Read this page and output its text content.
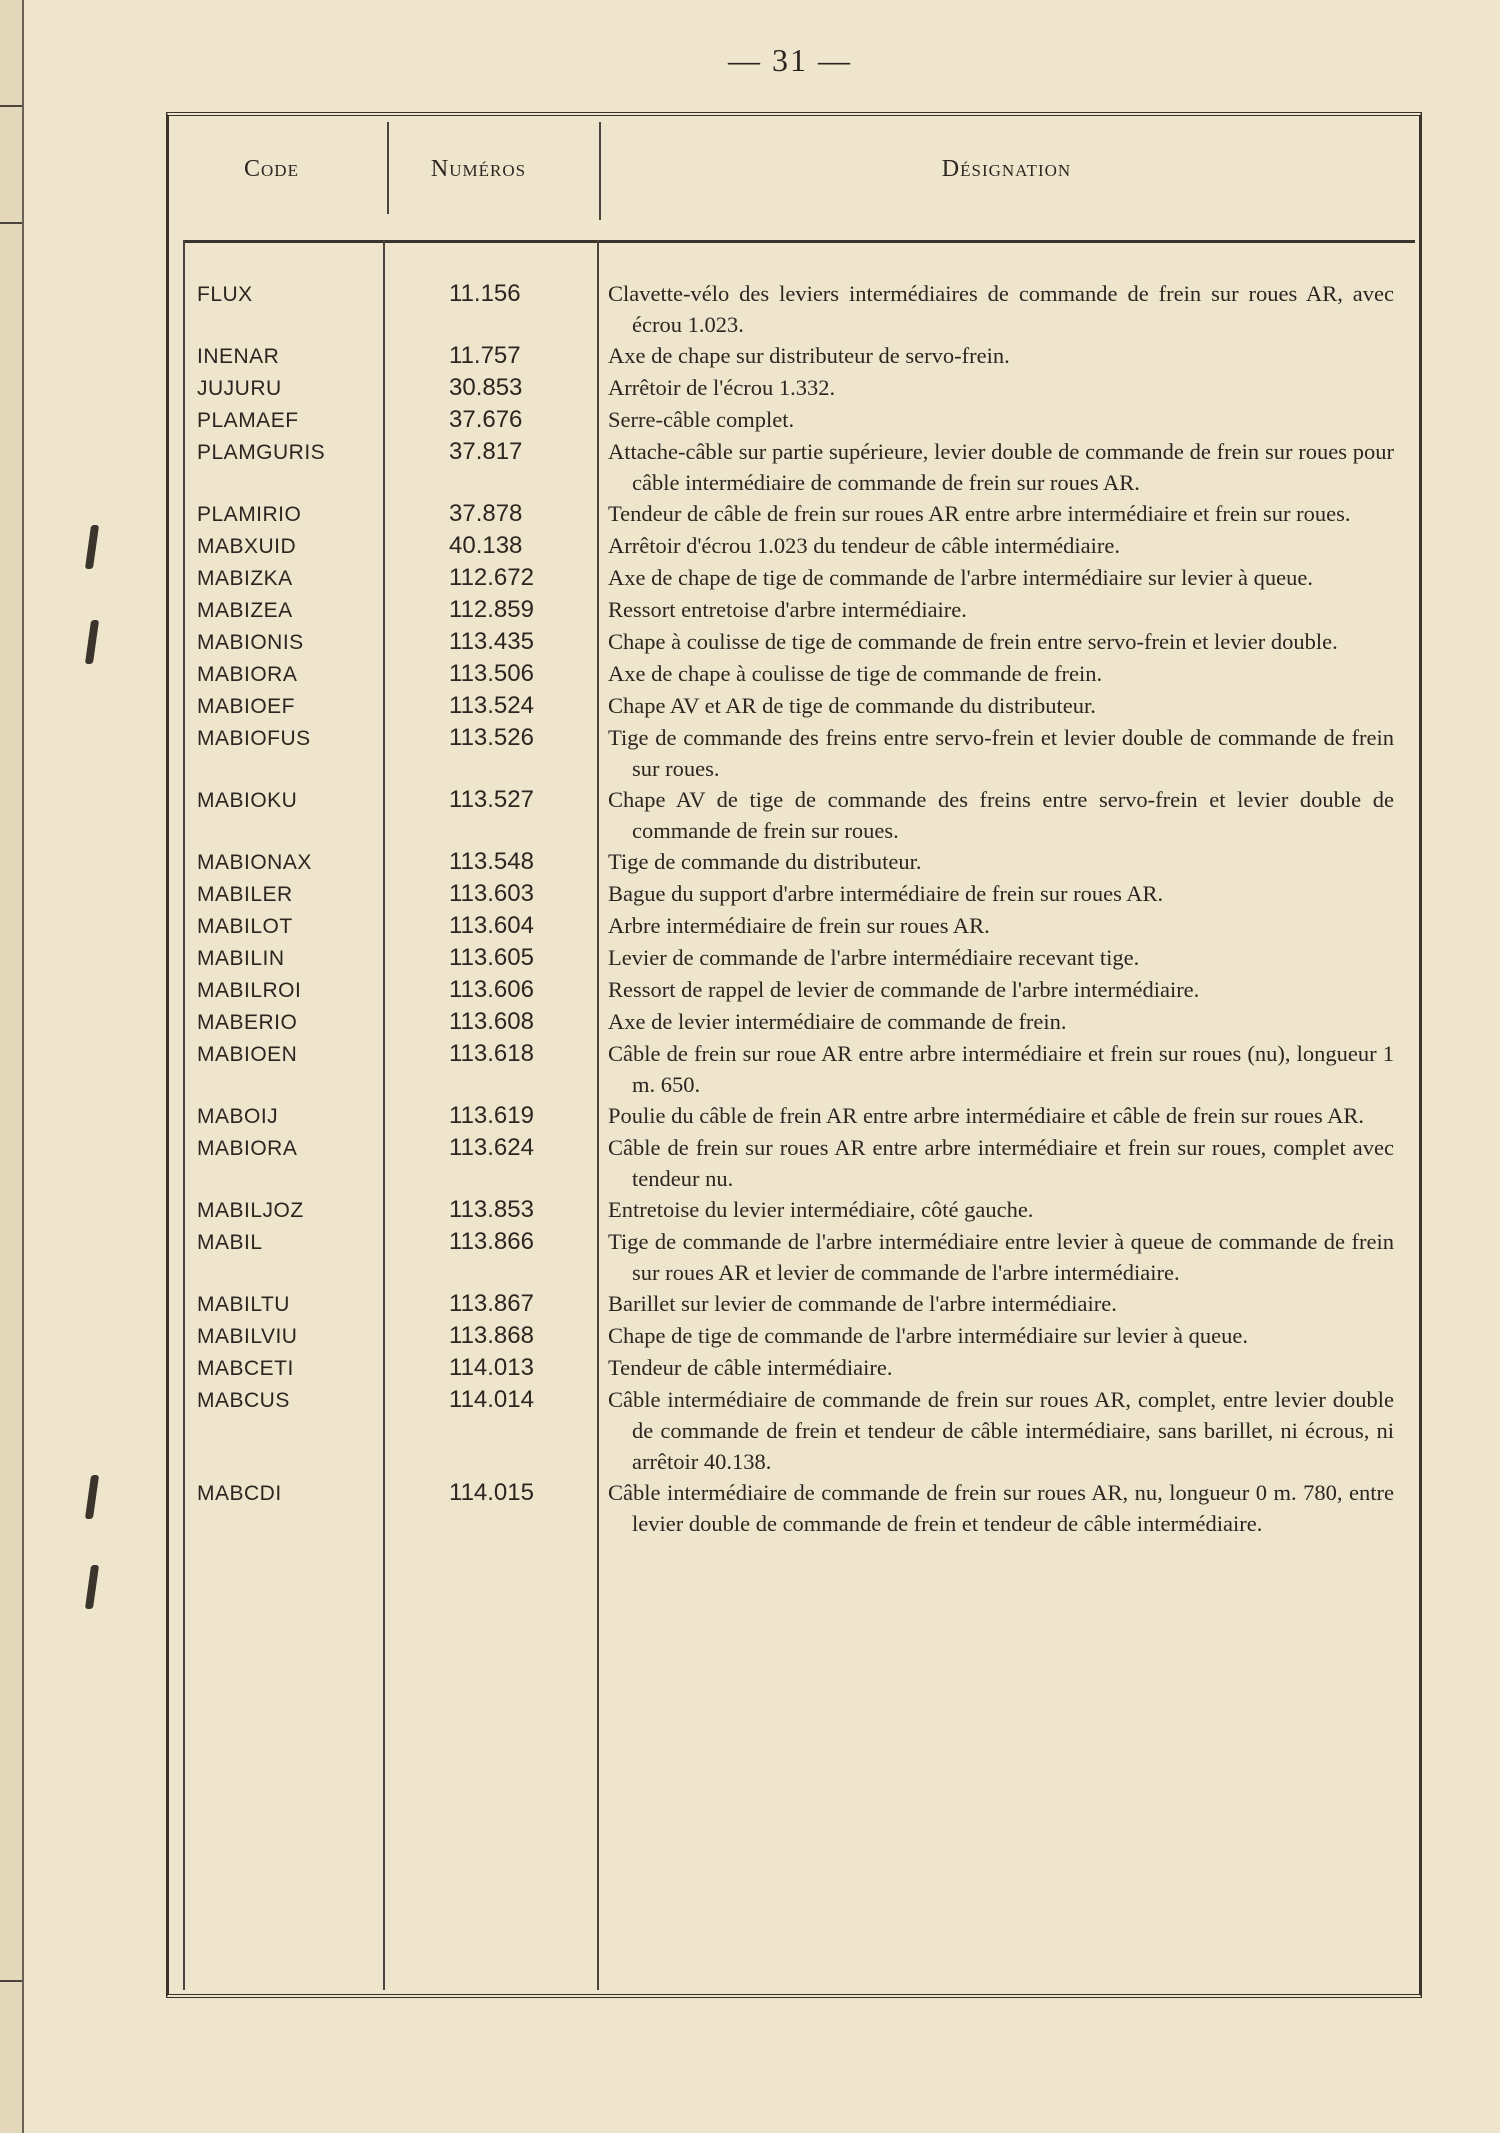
— 31 —
Code	Numéros	Désignation
FLUX	11.156	Clavette-vélo des leviers intermédiaires de commande de frein sur roues AR, avec écrou 1.023.
INENAR	11.757	Axe de chape sur distributeur de servo-frein.
JUJURU	30.853	Arrêtoir de l'écrou 1.332.
PLAMAEF	37.676	Serre-câble complet.
PLAMGURIS	37.817	Attache-câble sur partie supérieure, levier double de commande de frein sur roues pour câble intermédiaire de commande de frein sur roues AR.
PLAMIRIO	37.878	Tendeur de câble de frein sur roues AR entre arbre intermédiaire et frein sur roues.
MABXUID	40.138	Arrêtoir d'écrou 1.023 du tendeur de câble intermédiaire.
MABIZKA	112.672	Axe de chape de tige de commande de l'arbre intermédiaire sur levier à queue.
MABIZEA	112.859	Ressort entretoise d'arbre intermédiaire.
MABIONIS	113.435	Chape à coulisse de tige de commande de frein entre servo-frein et levier double.
MABIORA	113.506	Axe de chape à coulisse de tige de commande de frein.
MABIOEF	113.524	Chape AV et AR de tige de commande du distributeur.
MABIOFUS	113.526	Tige de commande des freins entre servo-frein et levier double de commande de frein sur roues.
MABIOKU	113.527	Chape AV de tige de commande des freins entre servo-frein et levier double de commande de frein sur roues.
MABIONAX	113.548	Tige de commande du distributeur.
MABILER	113.603	Bague du support d'arbre intermédiaire de frein sur roues AR.
MABILOT	113.604	Arbre intermédiaire de frein sur roues AR.
MABILIN	113.605	Levier de commande de l'arbre intermédiaire recevant tige.
MABILROI	113.606	Ressort de rappel de levier de commande de l'arbre intermédiaire.
MABERIO	113.608	Axe de levier intermédiaire de commande de frein.
MABIOEN	113.618	Câble de frein sur roue AR entre arbre intermédiaire et frein sur roues (nu), longueur 1 m. 650.
MABOIJ	113.619	Poulie du câble de frein AR entre arbre intermédiaire et câble de frein sur roues AR.
MABIORA	113.624	Câble de frein sur roues AR entre arbre intermédiaire et frein sur roues, complet avec tendeur nu.
MABILJOZ	113.853	Entretoise du levier intermédiaire, côté gauche.
MABIL	113.866	Tige de commande de l'arbre intermédiaire entre levier à queue de commande de frein sur roues AR et levier de commande de l'arbre intermédiaire.
MABILTU	113.867	Barillet sur levier de commande de l'arbre intermédiaire.
MABILVIU	113.868	Chape de tige de commande de l'arbre intermédiaire sur levier à queue.
MABCETI	114.013	Tendeur de câble intermédiaire.
MABCUS	114.014	Câble intermédiaire de commande de frein sur roues AR, complet, entre levier double de commande de frein et tendeur de câble intermédiaire, sans barillet, ni écrous, ni arrêtoir 40.138.
MABCDI	114.015	Câble intermédiaire de commande de frein sur roues AR, nu, longueur 0 m. 780, entre levier double de commande de frein et tendeur de câble intermédiaire.
